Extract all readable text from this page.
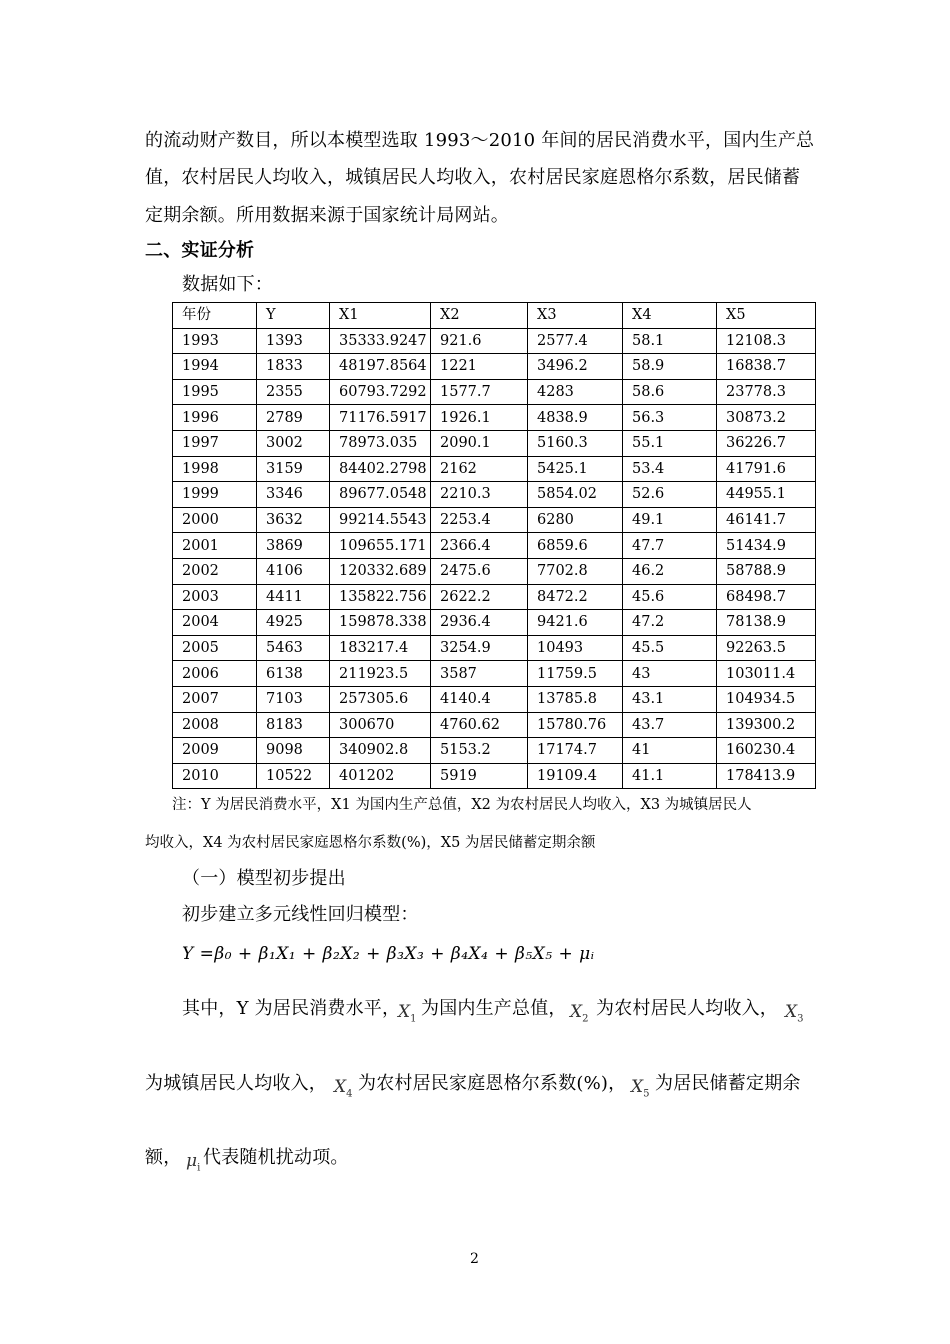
的流动财产数目，所以本模型选取 1993～2010 年间的居民消费水平，国内生产总
值，农村居民人均收入，城镇居民人均收入，农村居民家庭恩格尔系数，居民储蓄
定期余额。所用数据来源于国家统计局网站。
二、实证分析
数据如下：
年份	Y	X1	X2	X3	X4	X5
1993	1393	35333.9247	921.6	2577.4	58.1	12108.3
1994	1833	48197.8564	1221	3496.2	58.9	16838.7
1995	2355	60793.7292	1577.7	4283	58.6	23778.3
1996	2789	71176.5917	1926.1	4838.9	56.3	30873.2
1997	3002	78973.035	2090.1	5160.3	55.1	36226.7
1998	3159	84402.2798	2162	5425.1	53.4	41791.6
1999	3346	89677.0548	2210.3	5854.02	52.6	44955.1
2000	3632	99214.5543	2253.4	6280	49.1	46141.7
2001	3869	109655.171	2366.4	6859.6	47.7	51434.9
2002	4106	120332.689	2475.6	7702.8	46.2	58788.9
2003	4411	135822.756	2622.2	8472.2	45.6	68498.7
2004	4925	159878.338	2936.4	9421.6	47.2	78138.9
2005	5463	183217.4	3254.9	10493	45.5	92263.5
2006	6138	211923.5	3587	11759.5	43	103011.4
2007	7103	257305.6	4140.4	13785.8	43.1	104934.5
2008	8183	300670	4760.62	15780.76	43.7	139300.2
2009	9098	340902.8	5153.2	17174.7	41	160230.4
2010	10522	401202	5919	19109.4	41.1	178413.9
注：Y 为居民消费水平，X1 为国内生产总值，X2 为农村居民人均收入，X3 为城镇居民人
均收入，X4 为农村居民家庭恩格尔系数(%)，X5 为居民储蓄定期余额
（一）模型初步提出
初步建立多元线性回归模型：
Y =β₀ + β₁X₁ + β₂X₂ + β₃X₃ + β₄X₄ + β₅X₅ + μᵢ
其中，Y 为居民消费水平，
$X_1$ 为国内生产总值， $X_2$ 为农村居民人均收入， $X_3$
为城镇居民人均收入， $X_4$ 为农村居民家庭恩格尔系数(%)， $X_5$ 为居民储蓄定期余
额， $\mu_i$ 代表随机扰动项。
2
